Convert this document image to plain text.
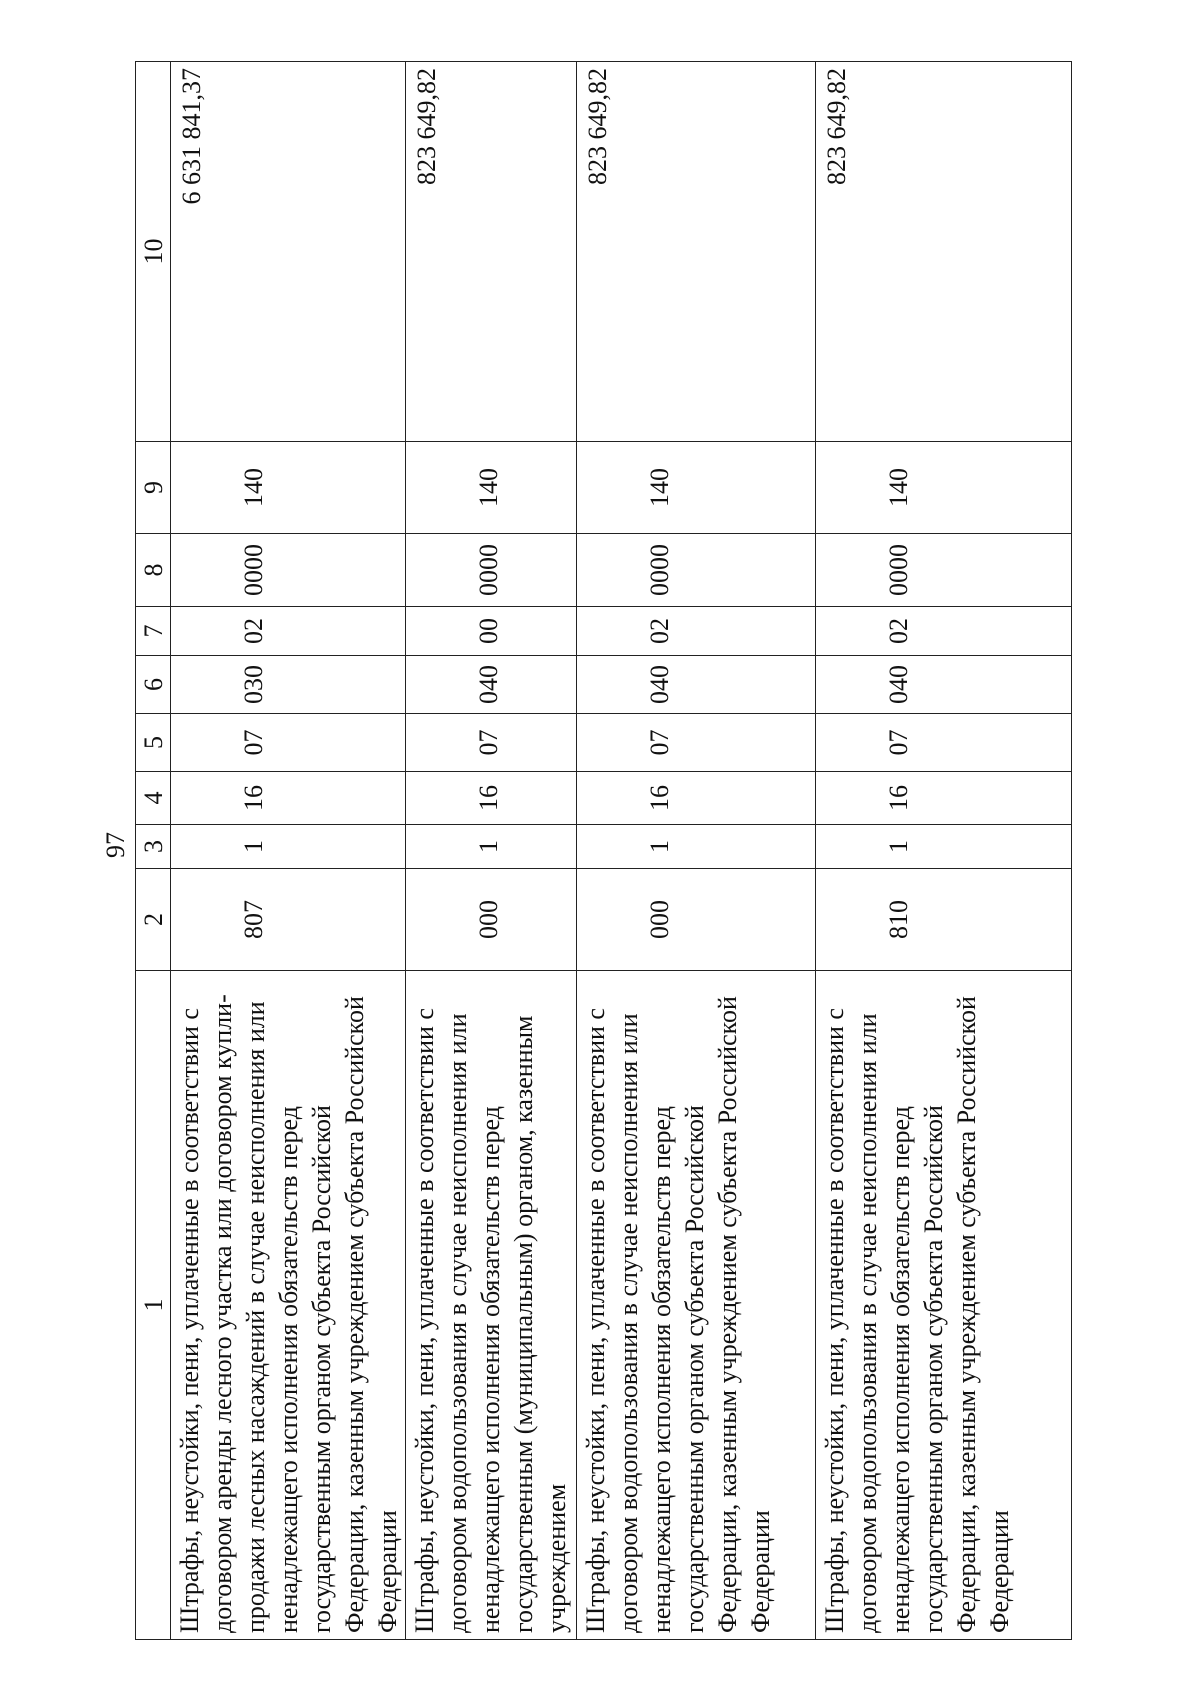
97
1	2	3	4	5	6	7	8	9	10
Штрафы, неустойки, пени, уплаченные в соответствии с договором аренды лесного участка или договором купли-продажи лесных насаждений в случае неисполнения или ненадлежащего исполнения обязательств перед государственным органом субъекта Российской Федерации, казенным учреждением субъекта Российской Федерации	807	1	16	07	030	02	0000	140	6 631 841,37
Штрафы, неустойки, пени, уплаченные в соответствии с договором водопользования в случае неисполнения или ненадлежащего исполнения обязательств перед государственным (муниципальным) органом, казенным учреждением	000	1	16	07	040	00	0000	140	823 649,82
Штрафы, неустойки, пени, уплаченные в соответствии с договором водопользования в случае неисполнения или ненадлежащего исполнения обязательств перед государственным органом субъекта Российской Федерации, казенным учреждением субъекта Российской Федерации	000	1	16	07	040	02	0000	140	823 649,82
Штрафы, неустойки, пени, уплаченные в соответствии с договором водопользования в случае неисполнения или ненадлежащего исполнения обязательств перед государственным органом субъекта Российской Федерации, казенным учреждением субъекта Российской Федерации	810	1	16	07	040	02	0000	140	823 649,82
